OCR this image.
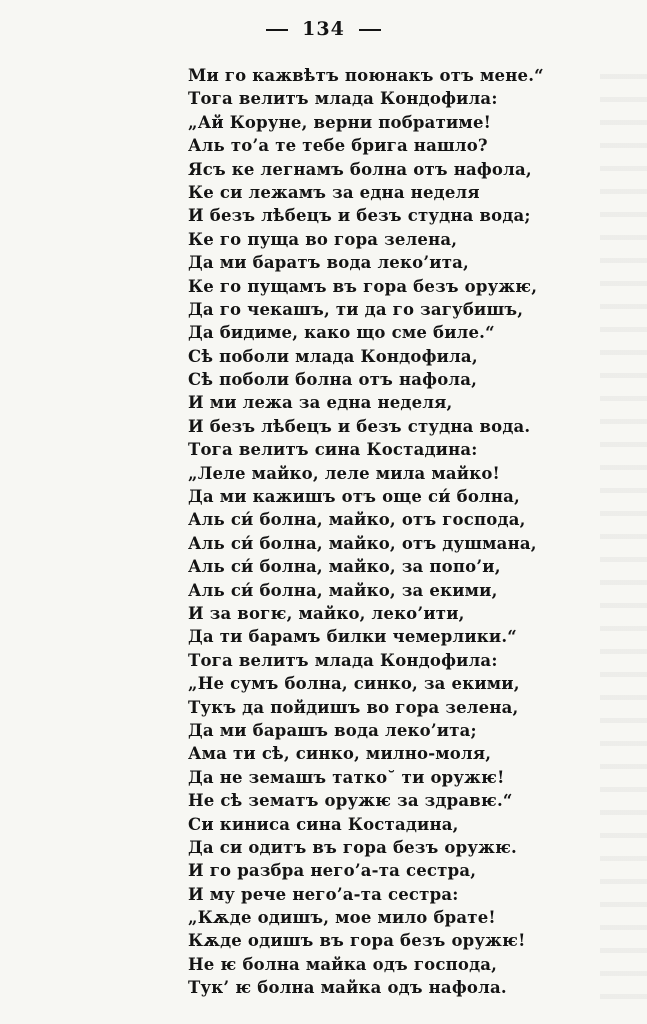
134
Ми го кажвѣтъ поюнакъ отъ мене.“
Тога велитъ млада Кондофила:
„Ай Коруне, верни побратиме!
Аль то’а те тебе брига нашло?
Ясъ ке легнамъ болна отъ нафола,
Ке си лежамъ за една неделя
И безъ лѣбецъ и безъ студна вода;
Ке го пуща во гора зелена,
Да ми баратъ вода леко’ита,
Ке го пущамъ въ гора безъ оружѥ,
Да го чекашъ, ти да го загубишъ,
Да бидиме, како що сме биле.“
Сѣ поболи млада Кондофила,
Сѣ поболи болна отъ нафола,
И ми лежа за една неделя,
И безъ лѣбецъ и безъ студна вода.
Тога велитъ сина Костадина:
„Леле майко, леле мила майко!
Да ми кажишъ отъ още си́ болна,
Аль си́ болна, майко, отъ господа,
Аль си́ болна, майко, отъ душмана,
Аль си́ болна, майко, за попо’и,
Аль си́ болна, майко, за екими,
И за вогѥ, майко, леко’ити,
Да ти барамъ билки чемерлики.“
Тога велитъ млада Кондофила:
„Не сумъ болна, синко, за екими,
Тукъ да пойдишъ во гора зелена,
Да ми барашъ вода леко’ита;
Ама ти сѣ, синко, милно-моля,
Да не земашъ татко˘ ти оружѥ!
Не сѣ зематъ оружѥ за здравѥ.“
Си киниса сина Костадина,
Да си одитъ въ гора безъ оружѥ.
И го разбра него’а-та сестра,
И му рече него’а-та сестра:
„Кѫде одишъ, мое мило брате!
Кѫде одишъ въ гора безъ оружѥ!
Не ѥ болна майка одъ господа,
Тук’ ѥ болна майка одъ нафола.
